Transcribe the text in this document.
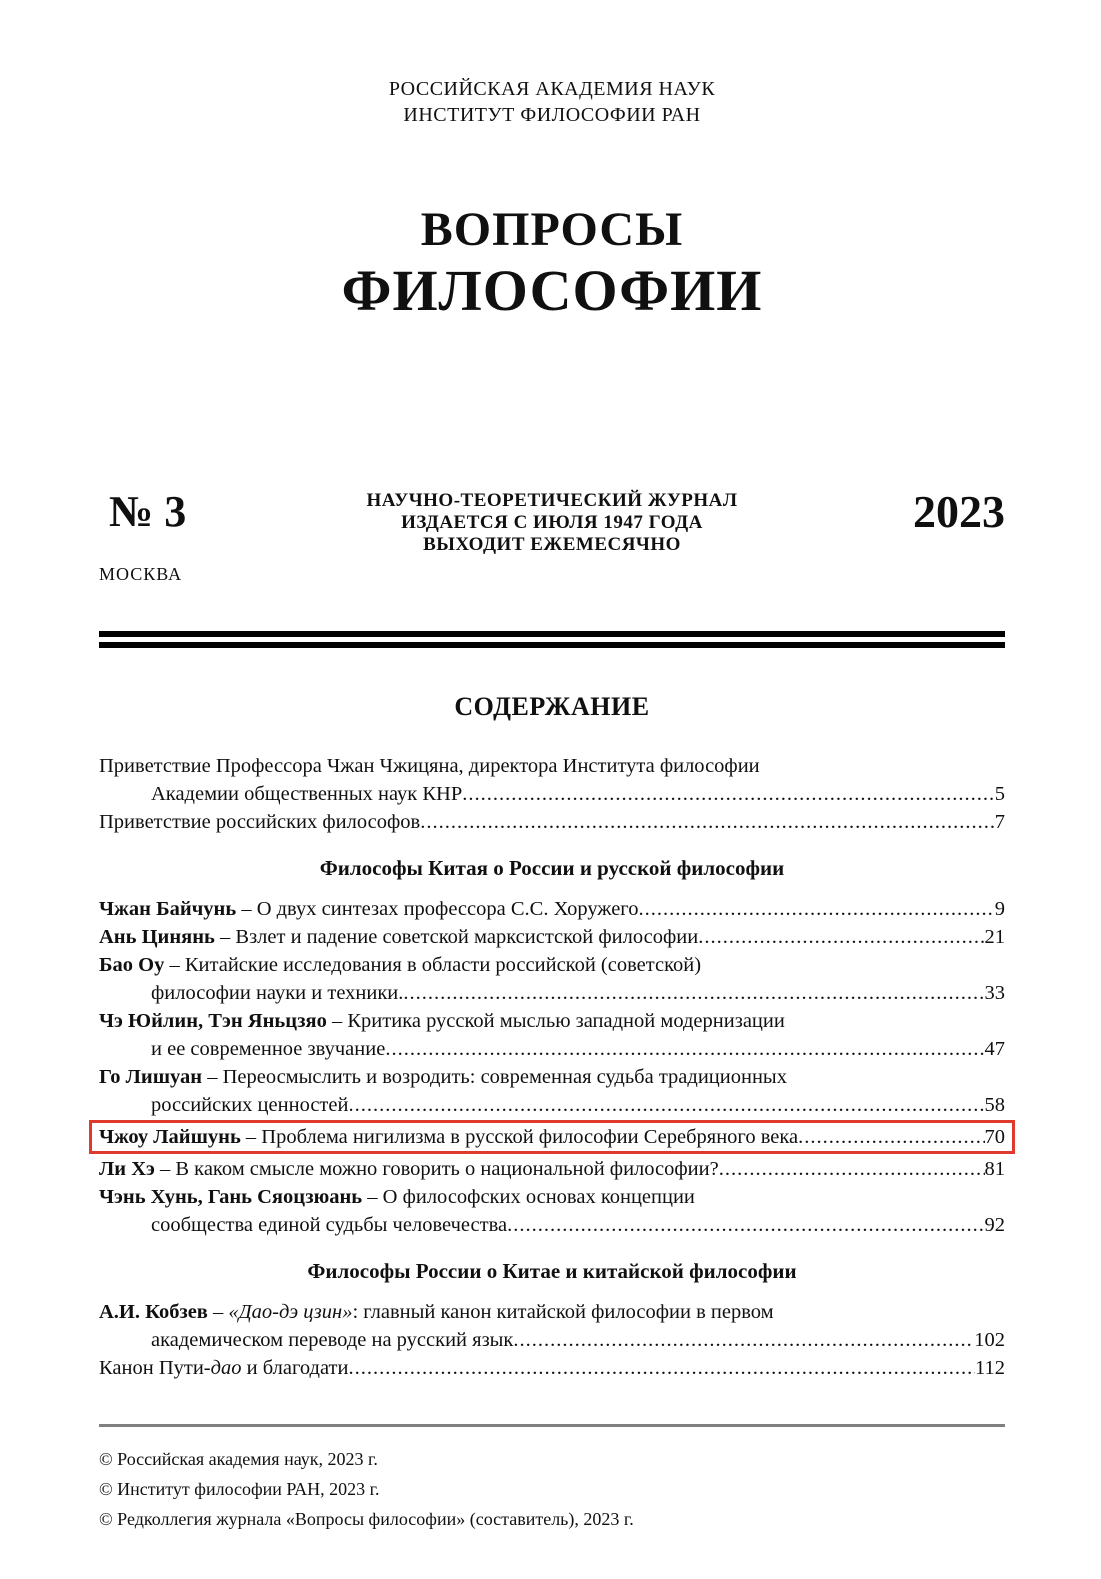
РОССИЙСКАЯ АКАДЕМИЯ НАУК
ИНСТИТУТ ФИЛОСОФИИ РАН
ВОПРОСЫ
ФИЛОСОФИИ
№ 3
МОСКВА
НАУЧНО-ТЕОРЕТИЧЕСКИЙ ЖУРНАЛ
ИЗДАЕТСЯ С ИЮЛЯ 1947 ГОДА
ВЫХОДИТ ЕЖЕМЕСЯЧНО
2023
СОДЕРЖАНИЕ
Приветствие Профессора Чжан Чжицяна, директора Института философии
Академии общественных наук КНР .....	5
Приветствие российских философов .....	7
Философы Китая о России и русской философии
Чжан Байчунь – О двух синтезах профессора С.С. Хоружего .....	9
Ань Цинянь – Взлет и падение советской марксистской философии .....	21
Бао Оу – Китайские исследования в области российской (советской)
философии науки и техники. .....	33
Чэ Юйлин, Тэн Яньцзяо – Критика русской мыслью западной модернизации
и ее современное звучание .....	47
Го Лишуан – Переосмыслить и возродить: современная судьба традиционных
российских ценностей .....	58
Чжоу Лайшунь – Проблема нигилизма в русской философии Серебряного века .....	70
Ли Хэ – В каком смысле можно говорить о национальной философии? .....	81
Чэнь Хунь, Гань Сяоцзюань – О философских основах концепции
сообщества единой судьбы человечества .....	92
Философы России о Китае и китайской философии
А.И. Кобзев – «Дао-дэ цзин»: главный канон китайской философии в первом
академическом переводе на русский язык .....	102
Канон Пути-дао и благодати .....	112
© Российская академия наук, 2023 г.
© Институт философии РАН, 2023 г.
© Редколлегия журнала «Вопросы философии» (составитель), 2023 г.
